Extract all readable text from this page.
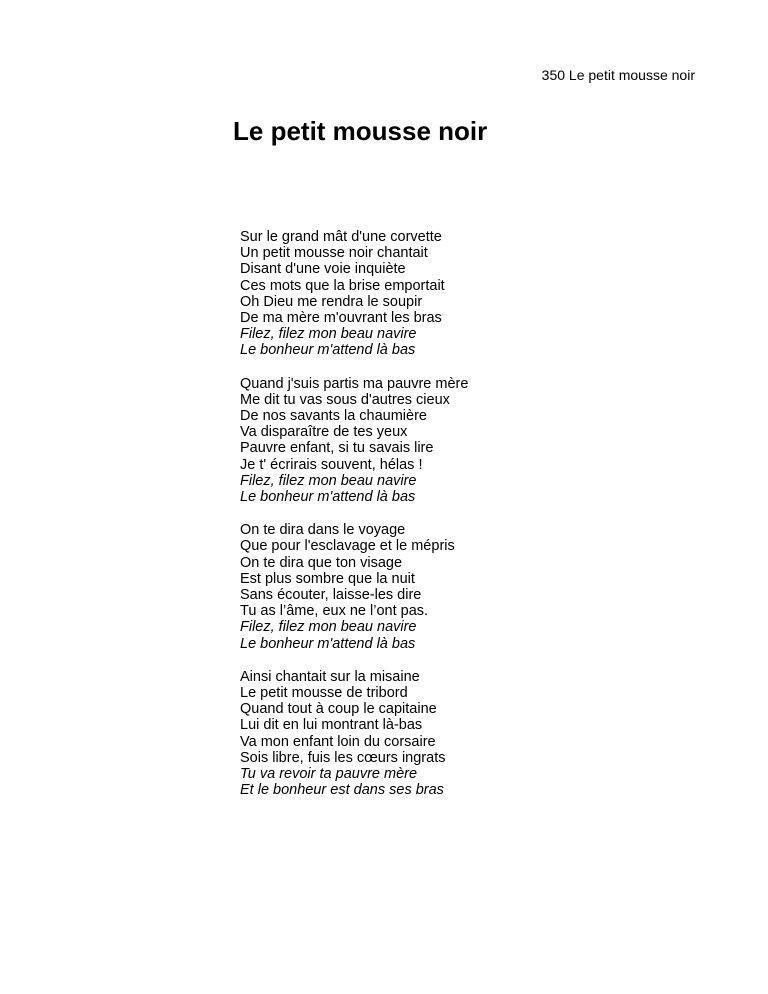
350 Le petit mousse noir
Le petit mousse noir
Sur le grand mât d'une corvette
Un petit mousse noir chantait
Disant d'une voie inquiète
Ces mots que la brise emportait
Oh Dieu me rendra le soupir
De ma mère m'ouvrant les bras
Filez, filez mon beau navire
Le bonheur m'attend là bas
Quand j'suis partis ma pauvre mère
Me dit tu vas sous d'autres cieux
De nos savants la chaumière
Va disparaître de tes yeux
Pauvre enfant, si tu savais lire
Je t' écrirais souvent, hélas !
Filez, filez mon beau navire
Le bonheur m'attend là bas
On te dira dans le voyage
Que pour l'esclavage et le mépris
On te dira que ton visage
Est plus sombre que la nuit
Sans écouter, laisse-les dire
Tu as l’âme, eux ne l’ont pas.
Filez, filez mon beau navire
Le bonheur m'attend là bas
Ainsi chantait sur la misaine
Le petit mousse de tribord
Quand tout à coup le capitaine
Lui dit en lui montrant là-bas
Va mon enfant loin du corsaire
Sois libre, fuis les cœurs ingrats
Tu va revoir ta pauvre mère
Et le bonheur est dans ses bras
